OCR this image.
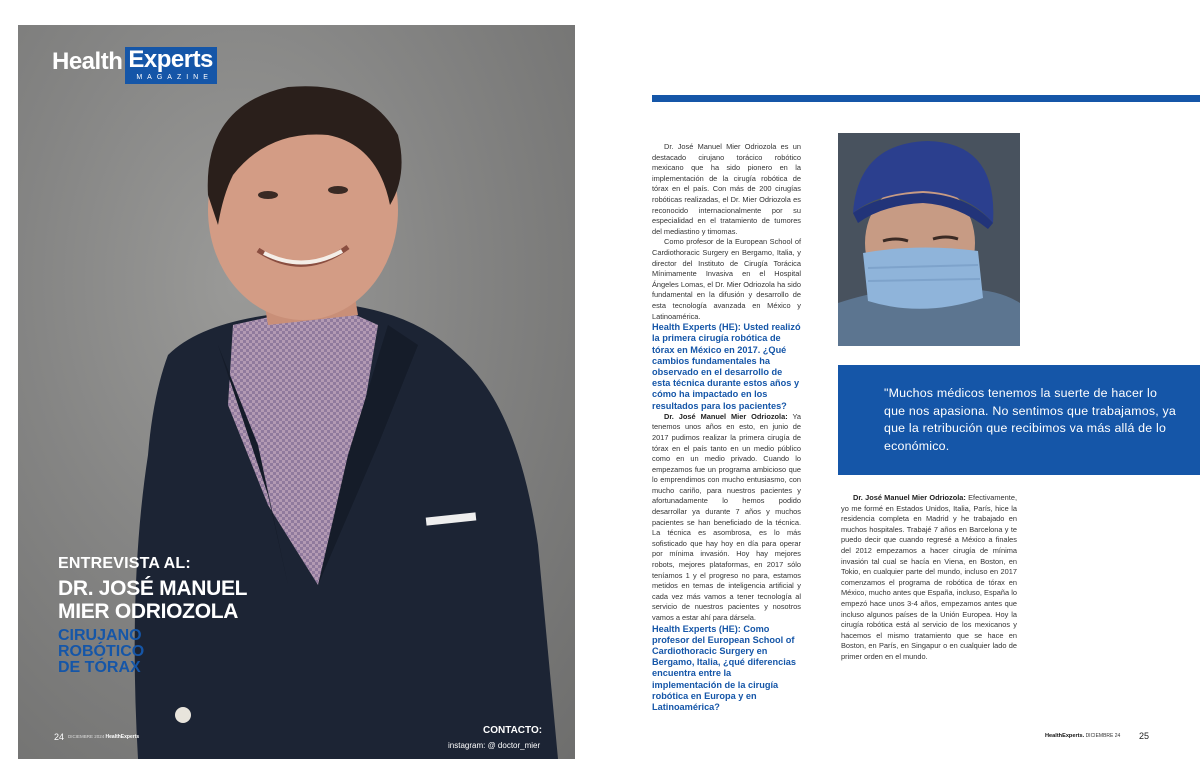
Health Experts
MAGAZINE
ENTREVISTA AL:
DR. JOSÉ MANUEL
MIER ODRIOZOLA
CIRUJANO
ROBÓTICO
DE TÓRAX
CONTACTO:
instagram: @ doctor_mier
24 DICIEMBRE 2024 HealthExperts

Dr. José Manuel Mier Odriozola es un destacado cirujano torácico robótico mexicano que ha sido pionero en la implementación de la cirugía robótica de tórax en el país. Con más de 200 cirugías robóticas realizadas, el Dr. Mier Odriozola es reconocido internacionalmente por su especialidad en el tratamiento de tumores del mediastino y timomas.

Como profesor de la European School of Cardiothoracic Surgery en Bergamo, Italia, y director del Instituto de Cirugía Torácica Mínimamente Invasiva en el Hospital Ángeles Lomas, el Dr. Mier Odriozola ha sido fundamental en la difusión y desarrollo de esta tecnología avanzada en México y Latinoamérica.

Health Experts (HE): Usted realizó la primera cirugía robótica de tórax en México en 2017. ¿Qué cambios fundamentales ha observado en el desarrollo de esta técnica durante estos años y cómo ha impactado en los resultados para los pacientes?

Dr. José Manuel Mier Odriozola: Ya tenemos unos años en esto, en junio de 2017 pudimos realizar la primera cirugía de tórax en el país tanto en un medio público como en un medio privado. Cuando lo empezamos fue un programa ambicioso que lo emprendimos con mucho entusiasmo, con mucho cariño, para nuestros pacientes y afortunadamente lo hemos podido desarrollar ya durante 7 años y muchos pacientes se han beneficiado de la técnica. La técnica es asombrosa, es lo más sofisticado que hay hoy en día para operar por mínima invasión. Hoy hay mejores robots, mejores plataformas, en 2017 sólo teníamos 1 y el progreso no para, estamos metidos en temas de inteligencia artificial y cada vez más vamos a tener tecnología al servicio de nuestros pacientes y nosotros vamos a estar ahí para dársela.

Health Experts (HE): Como profesor del European School of Cardiothoracic Surgery en Bergamo, Italia, ¿qué diferencias encuentra entre la implementación de la cirugía robótica en Europa y en Latinoamérica?

"Muchos médicos tenemos la suerte de hacer lo que nos apasiona. No sentimos que trabajamos, ya que la retribución que recibimos va más allá de lo económico.

Dr. José Manuel Mier Odriozola: Efectivamente, yo me formé en Estados Unidos, Italia, París, hice la residencia completa en Madrid y he trabajado en muchos hospitales. Trabajé 7 años en Barcelona y te puedo decir que cuando regresé a México a finales del 2012 empezamos a hacer cirugía de mínima invasión tal cual se hacía en Viena, en Boston, en Tokio, en cualquier parte del mundo, incluso en 2017 comenzamos el programa de robótica de tórax en México, mucho antes que España, incluso, España lo empezó hace unos 3-4 años, empezamos antes que incluso algunos países de la Unión Europea. Hoy la cirugía robótica está al servicio de los mexicanos y hacemos el mismo tratamiento que se hace en Boston, en París, en Singapur o en cualquier lado de primer orden en el mundo.

HealthExperts. DICIEMBRE 24 25
